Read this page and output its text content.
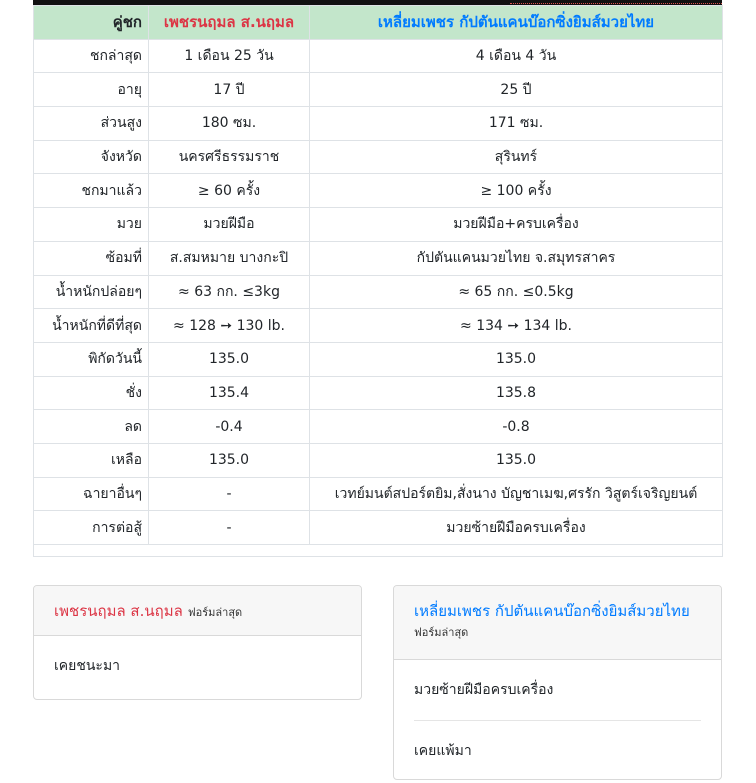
คู่ชก	เพชรนฤมล ส.นฤมล	เหลี่ยมเพชร กัปตันแคนบ๊อกซิ่งยิมส์มวยไทย
ชกล่าสุด	1 เดือน 25 วัน	4 เดือน 4 วัน
อายุ	17 ปี	25 ปี
ส่วนสูง	180 ซม.	171 ซม.
จังหวัด	นครศรีธรรมราช	สุรินทร์
ชกมาแล้ว	≥ 60 ครั้ง	≥ 100 ครั้ง
มวย	มวยฝีมือ	มวยฝีมือ+ครบเครื่อง
ซ้อมที่	ส.สมหมาย บางกะปิ	กัปตันแคนมวยไทย จ.สมุทรสาคร
น้ำหนักปล่อยๆ	≈ 63 กก. ≤3kg	≈ 65 กก. ≤0.5kg
น้ำหนักที่ดีที่สุด	≈ 128 ➙ 130 lb.	≈ 134 ➙ 134 lb.
พิกัดวันนี้	135.0	135.0
ชั่ง	135.4	135.8
ลด	-0.4	-0.8
เหลือ	135.0	135.0
ฉายาอื่นๆ	-	เวทย์มนต์สปอร์ตยิม,สั่งนาง บัญชาเมฆ,ศรรัก วิสูตร์เจริญยนต์
การต่อสู้	-	มวยซ้ายฝีมือครบเครื่อง

เพชรนฤมล ส.นฤมล ฟอร์มล่าสุด
เคยชนะมา
เหลี่ยมเพชร กัปตันแคนบ๊อกซิ่งยิมส์มวยไทย
ฟอร์มล่าสุด
มวยซ้ายฝีมือครบเครื่อง
เคยแพ้มา
